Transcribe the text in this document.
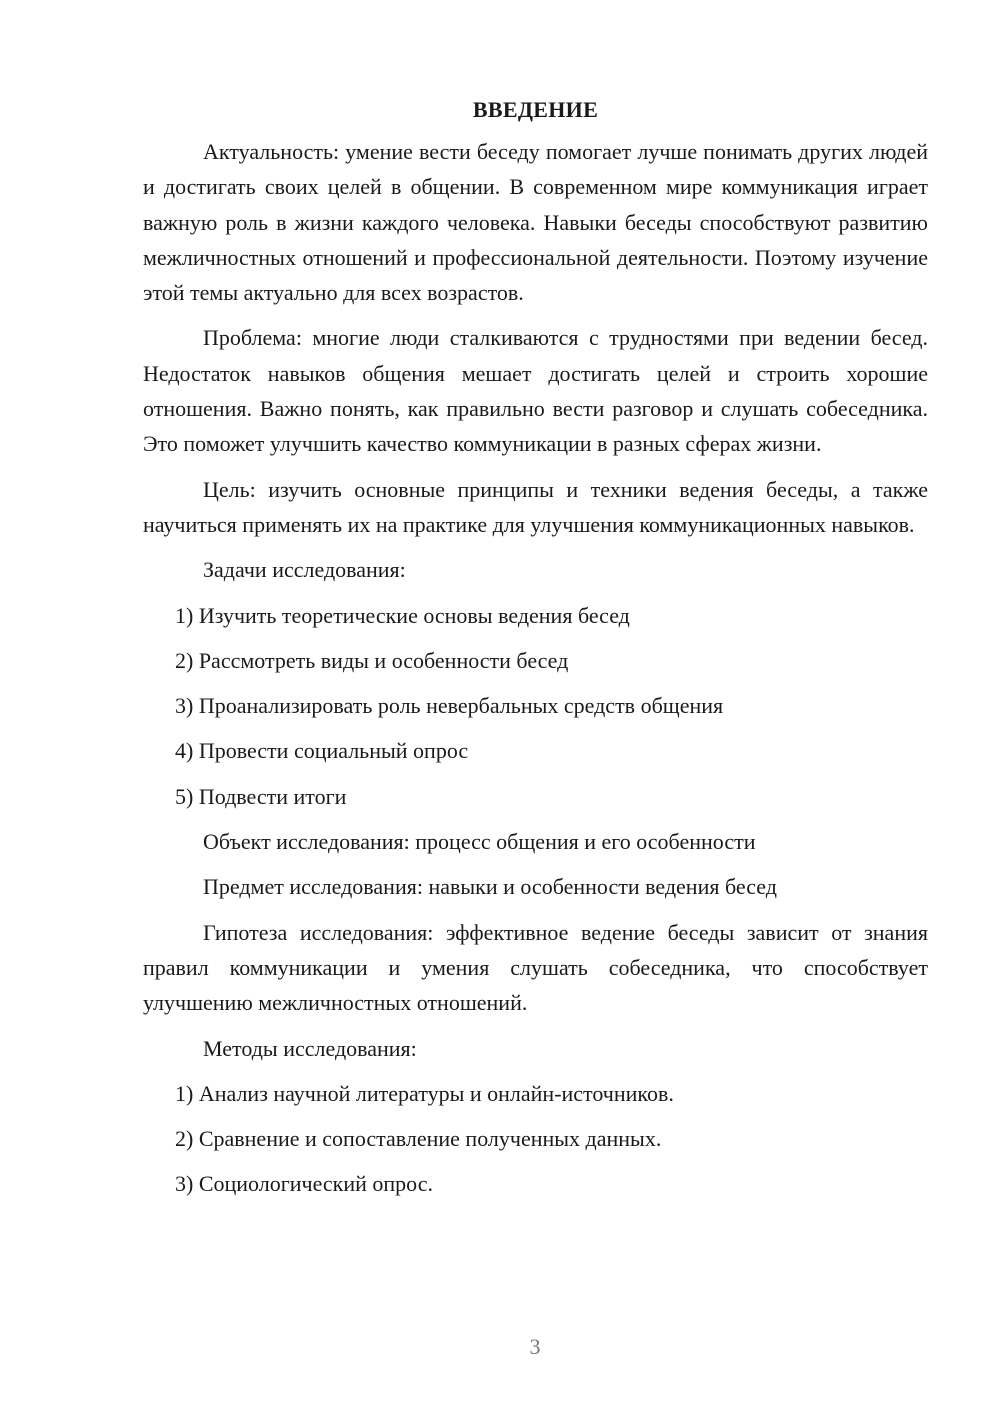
ВВЕДЕНИЕ

Актуальность: умение вести беседу помогает лучше понимать других людей и достигать своих целей в общении. В современном мире коммуникация играет важную роль в жизни каждого человека. Навыки беседы способствуют развитию межличностных отношений и профессиональной деятельности. Поэтому изучение этой темы актуально для всех возрастов.

Проблема: многие люди сталкиваются с трудностями при ведении бесед. Недостаток навыков общения мешает достигать целей и строить хорошие отношения. Важно понять, как правильно вести разговор и слушать собеседника. Это поможет улучшить качество коммуникации в разных сферах жизни.

Цель: изучить основные принципы и техники ведения беседы, а также научиться применять их на практике для улучшения коммуникационных навыков.

Задачи исследования:

1) Изучить теоретические основы ведения бесед

2) Рассмотреть виды и особенности бесед

3) Проанализировать роль невербальных средств общения

4) Провести социальный опрос

5) Подвести итоги

Объект исследования: процесс общения и его особенности

Предмет исследования: навыки и особенности ведения бесед

Гипотеза исследования: эффективное ведение беседы зависит от знания правил коммуникации и умения слушать собеседника, что способствует улучшению межличностных отношений.

Методы исследования:

1) Анализ научной литературы и онлайн-источников.

2) Сравнение и сопоставление полученных данных.

3) Социологический опрос.

3
